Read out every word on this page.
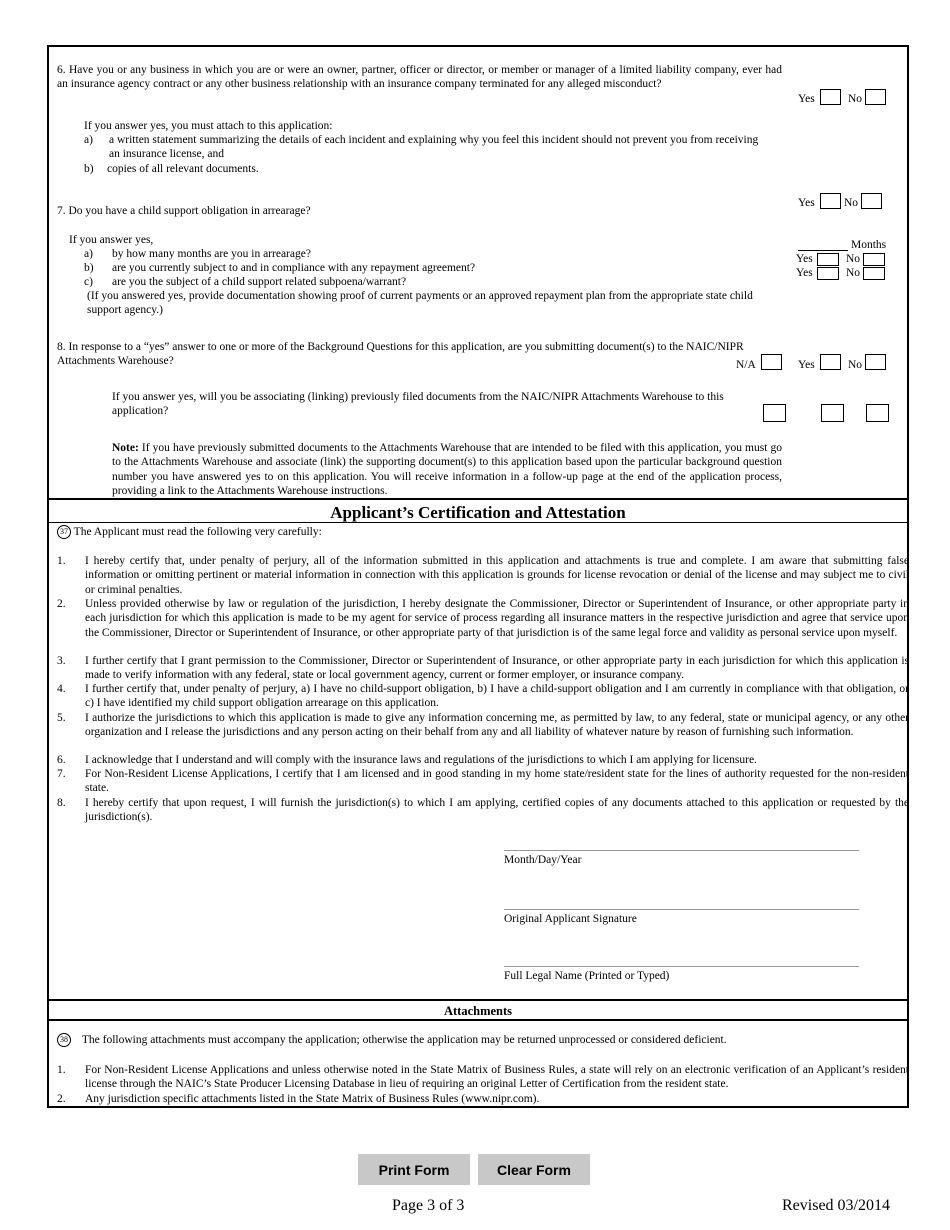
6. Have you or any business in which you are or were an owner, partner, officer or director, or member or manager of a limited liability company, ever had an insurance agency contract or any other business relationship with an insurance company terminated for any alleged misconduct?
Yes	No
If you answer yes, you must attach to this application:
a) a written statement summarizing the details of each incident and explaining why you feel this incident should not prevent you from receiving an insurance license, and
b) copies of all relevant documents.
7. Do you have a child support obligation in arrearage?
Yes	No
If you answer yes,
a) by how many months are you in arrearage?
b) are you currently subject to and in compliance with any repayment agreement?
c) are you the subject of a child support related subpoena/warrant?
(If you answered yes, provide documentation showing proof of current payments or an approved repayment plan from the appropriate state child support agency.)
Months
Yes	No
Yes	No
8. In response to a “yes” answer to one or more of the Background Questions for this application, are you submitting document(s) to the NAIC/NIPR Attachments Warehouse?	N/A	Yes	No
If you answer yes, will you be associating (linking) previously filed documents from the NAIC/NIPR Attachments Warehouse to this application?
Note: If you have previously submitted documents to the Attachments Warehouse that are intended to be filed with this application, you must go to the Attachments Warehouse and associate (link) the supporting document(s) to this application based upon the particular background question number you have answered yes to on this application. You will receive information in a follow-up page at the end of the application process, providing a link to the Attachments Warehouse instructions.
Applicant’s Certification and Attestation
37 The Applicant must read the following very carefully:
1.	I hereby certify that, under penalty of perjury, all of the information submitted in this application and attachments is true and complete. I am aware that submitting false information or omitting pertinent or material information in connection with this application is grounds for license revocation or denial of the license and may subject me to civil or criminal penalties.
2.	Unless provided otherwise by law or regulation of the jurisdiction, I hereby designate the Commissioner, Director or Superintendent of Insurance, or other appropriate party in each jurisdiction for which this application is made to be my agent for service of process regarding all insurance matters in the respective jurisdiction and agree that service upon the Commissioner, Director or Superintendent of Insurance, or other appropriate party of that jurisdiction is of the same legal force and validity as personal service upon myself.
3.	I further certify that I grant permission to the Commissioner, Director or Superintendent of Insurance, or other appropriate party in each jurisdiction for which this application is made to verify information with any federal, state or local government agency, current or former employer, or insurance company.
4.	I further certify that, under penalty of perjury, a) I have no child-support obligation, b) I have a child-support obligation and I am currently in compliance with that obligation, or c) I have identified my child support obligation arrearage on this application.
5.	I authorize the jurisdictions to which this application is made to give any information concerning me, as permitted by law, to any federal, state or municipal agency, or any other organization and I release the jurisdictions and any person acting on their behalf from any and all liability of whatever nature by reason of furnishing such information.
6.	I acknowledge that I understand and will comply with the insurance laws and regulations of the jurisdictions to which I am applying for licensure.
7.	For Non-Resident License Applications, I certify that I am licensed and in good standing in my home state/resident state for the lines of authority requested for the non-resident state.
8.	I hereby certify that upon request, I will furnish the jurisdiction(s) to which I am applying, certified copies of any documents attached to this application or requested by the jurisdiction(s).
Month/Day/Year
Original Applicant Signature
Full Legal Name (Printed or Typed)
Attachments
38 The following attachments must accompany the application; otherwise the application may be returned unprocessed or considered deficient.
1.	For Non-Resident License Applications and unless otherwise noted in the State Matrix of Business Rules, a state will rely on an electronic verification of an Applicant’s resident license through the NAIC’s State Producer Licensing Database in lieu of requiring an original Letter of Certification from the resident state.
2.	Any jurisdiction specific attachments listed in the State Matrix of Business Rules (www.nipr.com).
Print Form	Clear Form
Page 3 of 3	Revised 03/2014
